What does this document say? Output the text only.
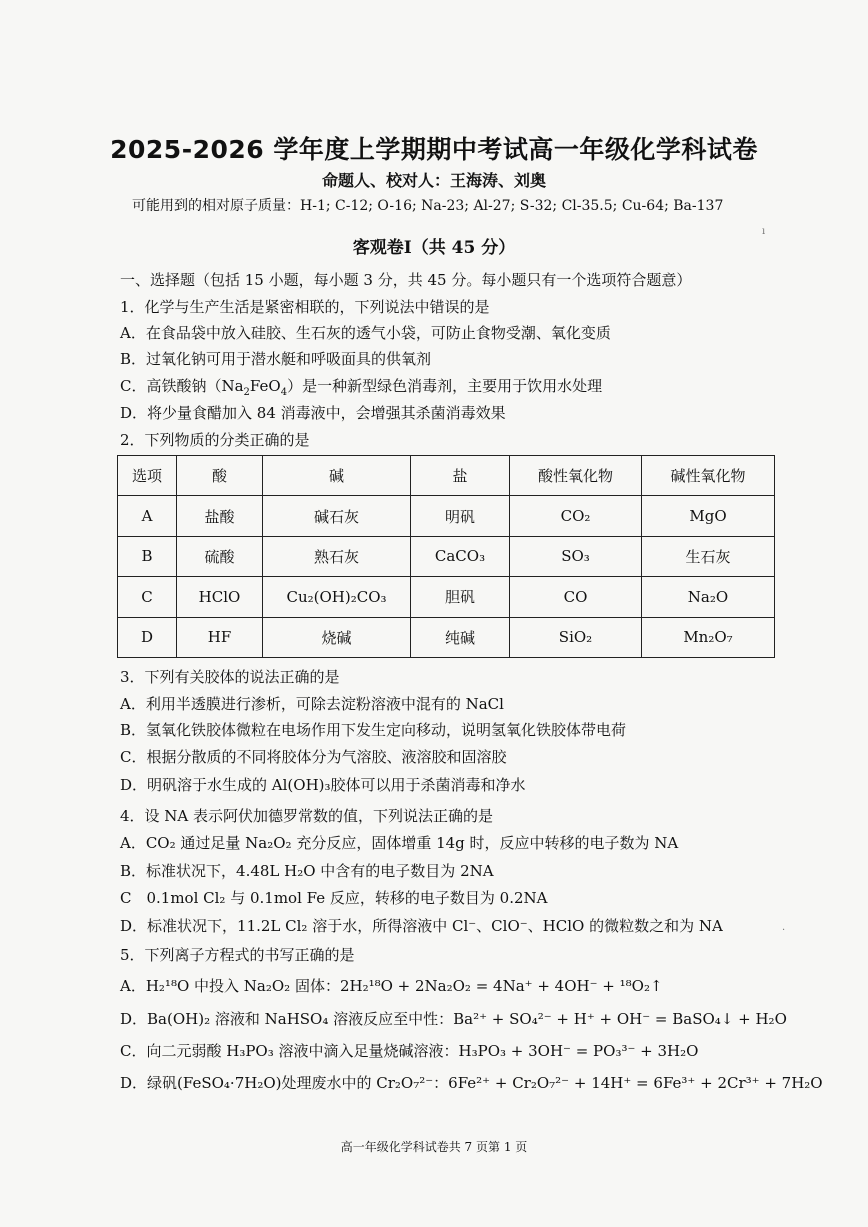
2025-2026 学年度上学期期中考试高一年级化学科试卷
命题人、校对人：王海涛、刘奥
可能用到的相对原子质量：H-1; C-12; O-16; Na-23; Al-27; S-32; Cl-35.5; Cu-64; Ba-137
客观卷Ⅰ（共 45 分）
一、选择题（包括 15 小题，每小题 3 分，共 45 分。每小题只有一个选项符合题意）
1．化学与生产生活是紧密相联的，下列说法中错误的是
A．在食品袋中放入硅胶、生石灰的透气小袋，可防止食物受潮、氧化变质
B．过氧化钠可用于潜水艇和呼吸面具的供氧剂
C．高铁酸钠$(Na_2FeO_4)$是一种新型绿色消毒剂，主要用于饮用水处理
D．将少量食醋加入 84 消毒液中，会增强其杀菌消毒效果
2．下列物质的分类正确的是
选项	酸	碱	盐	酸性氧化物	碱性氧化物
A	盐酸	碱石灰	明矾	CO₂	MgO
B	硫酸	熟石灰	CaCO₃	SO₃	生石灰
C	HClO	Cu₂(OH)₂CO₃	胆矾	CO	Na₂O
D	HF	烧碱	纯碱	SiO₂	Mn₂O₇
3．下列有关胶体的说法正确的是
A．利用半透膜进行渗析，可除去淀粉溶液中混有的 NaCl
B．氢氧化铁胶体微粒在电场作用下发生定向移动，说明氢氧化铁胶体带电荷
C．根据分散质的不同将胶体分为气溶胶、液溶胶和固溶胶
D．明矾溶于水生成的 Al(OH)₃胶体可以用于杀菌消毒和净水
4．设 NA 表示阿伏加德罗常数的值，下列说法正确的是
A．CO₂ 通过足量 Na₂O₂ 充分反应，固体增重 14g 时，反应中转移的电子数为 NA
B．标准状况下，4.48L H₂O 中含有的电子数目为 2NA
C　0.1mol Cl₂ 与 0.1mol Fe 反应，转移的电子数目为 0.2NA
D．标准状况下，11.2L Cl₂ 溶于水，所得溶液中 Cl⁻、ClO⁻、HClO 的微粒数之和为 NA
5．下列离子方程式的书写正确的是
A．H₂¹⁸O 中投入 Na₂O₂ 固体：2H₂¹⁸O + 2Na₂O₂ = 4Na⁺ + 4OH⁻ + ¹⁸O₂↑
D．Ba(OH)₂ 溶液和 NaHSO₄ 溶液反应至中性：Ba²⁺ + SO₄²⁻ + H⁺ + OH⁻ = BaSO₄↓ + H₂O
C．向二元弱酸 H₃PO₃ 溶液中滴入足量烧碱溶液：H₃PO₃ + 3OH⁻ = PO₃³⁻ + 3H₂O
D．绿矾(FeSO₄·7H₂O)处理废水中的 Cr₂O₇²⁻：6Fe²⁺ + Cr₂O₇²⁻ + 14H⁺ = 6Fe³⁺ + 2Cr³⁺ + 7H₂O
高一年级化学科试卷共 7 页第 1 页
ı
·
